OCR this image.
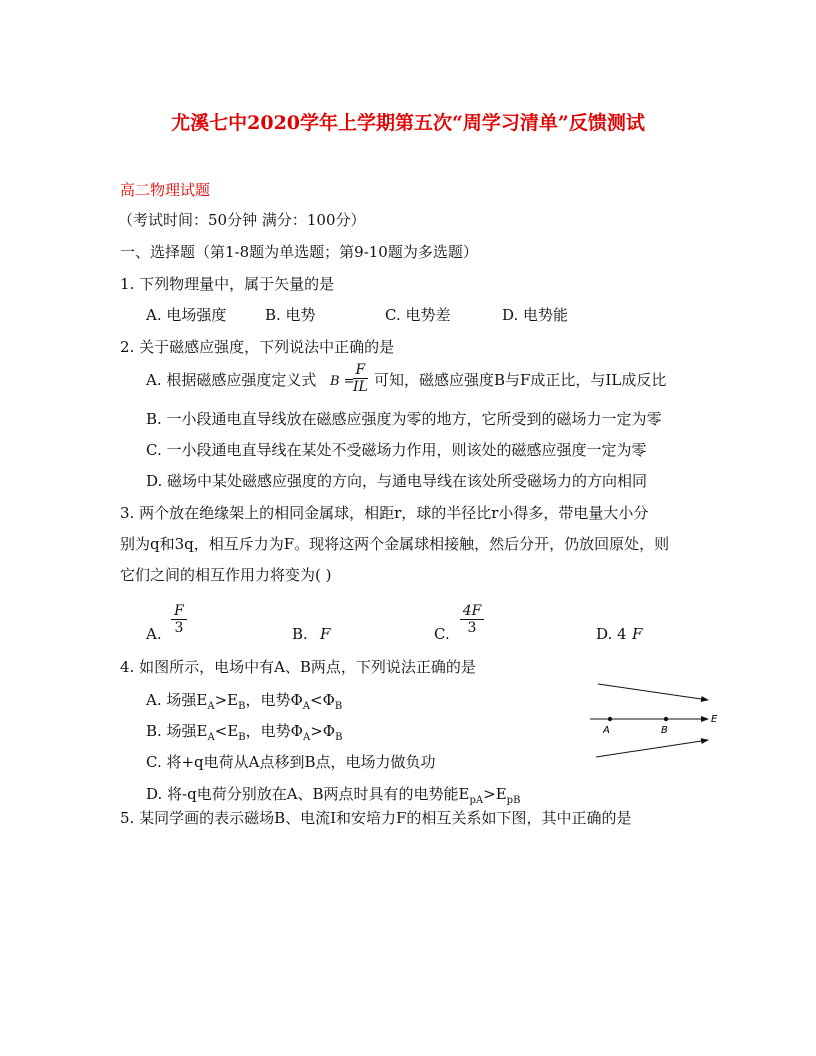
尤溪七中2020学年上学期第五次“周学习清单”反馈测试
高二物理试题
（考试时间：50分钟 满分：100分）
一、选择题（第1-8题为单选题；第9-10题为多选题）
1. 下列物理量中，属于矢量的是
A. 电场强度	B. 电势	C. 电势差	D. 电势能
2. 关于磁感应强度，下列说法中正确的是
A. 根据磁感应强度定义式 B =
$\frac{F}{IL}$ 可知，磁感应强度B与F成正比，与IL成反比
B. 一小段通电直导线放在磁感应强度为零的地方，它所受到的磁场力一定为零
C. 一小段通电直导线在某处不受磁场力作用，则该处的磁感应强度一定为零
D. 磁场中某处磁感应强度的方向，与通电导线在该处所受磁场力的方向相同
3. 两个放在绝缘架上的相同金属球，相距r，球的半径比r小得多，带电量大小分
别为q和3q，相互斥力为F。现将这两个金属球相接触，然后分开，仍放回原处，则
它们之间的相互作用力将变为( )
A. $\frac{F}{3}$	B. F	C. $\frac{4F}{3}$	D. 4 F
4. 如图所示，电场中有A、B两点，下列说法正确的是
A. 场强$E_A>E_B$，电势$\Phi_A<\Phi_B$
B. 场强$E_A<E_B$，电势$\Phi_A>\Phi_B$
C. 将+q电荷从A点移到B点，电场力做负功
D. 将-q电荷分别放在A、B两点时具有的电势能$E_{pA}>E_{pB}$
A	B
E
5. 某同学画的表示磁场B、电流I和安培力F的相互关系如下图，其中正确的是
